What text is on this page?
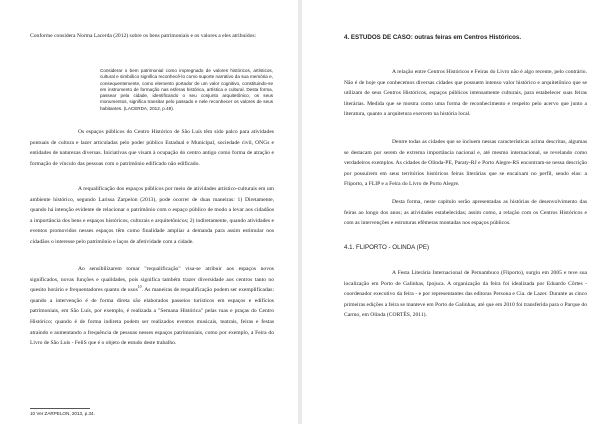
Conforme considera Norma Lacerda (2012) sobre os bens patrimoniais e os valores a eles atribuídos:

Considerar o bem patrimonial como impregnado de valores históricos, artísticos, cultural e simbólico significa reconhecê-lo como suporte narrativo da sua memória e, consequentemente, como elemento portador de um valor cognitivo, constituindo-se em instrumento de formação nas esferas histórica, artística e cultural. Desta forma, passear pela cidade, identificando o seu conjunto arquitetônico, os seus monumentos, significa transitar pelo passado e nele reconhecer os valores de seus habitantes. (LACERDA, 2012, p.49).

Os espaços públicos do Centro Histórico de São Luís têm sido palco para atividades pontuais de cultura e lazer articuladas pelo poder público Estadual e Municipal, sociedade civil, ONGs e entidades de naturezas diversas. Iniciativas que visam à ocupação do centro antigo como forma de atração e formação de vínculo das pessoas com o patrimônio edificado não edificado.

A requalificação dos espaços públicos por meio de atividades artístico-culturais em um ambiente histórico, segundo Larissa Zarpelon (2013), pode ocorrer de duas maneiras: 1) Diretamente, quando há intenção evidente de relacionar o patrimônio com o espaço público de modo a levar aos cidadãos a importância dos bens e espaços históricos, culturais e arquitetônicos; 2) indiretamente, quando atividades e eventos promovidos nesses espaços têm como finalidade ampliar a demanda para assim estimular nos cidadãos o interesse pelo patrimônio e laços de afetividade com a cidade.

Ao sensibilizarem tornar "requalificação" visa-se atribuir aos espaços novos significados, novas funções e qualidades, pois significa também trazer diversidade aos centros tanto no quesito horário e frequentadores quanto de usos$^{10}$. As maneiras de requalificação podem ser exemplificadas: quando a intervenção é de forma direta são elaborados passeios turísticos em espaços e edifícios patrimoniais, em São Luís, por exemplo, é realizada a "Semana Histórica" pelas ruas e praças do Centro Histórico; quando é de forma indireta podem ser realizados eventos musicais, teatrais, feiras e festas atraindo e aumentando a frequência de pessoas nesses espaços patrimoniais, como por exemplo, a Feira do Livro de São Luís - FeliS que é o objeto de estudo deste trabalho.

10 Ver ZARPELON, 2013, p.34.

4. ESTUDOS DE CASO: outras feiras em Centros Históricos.

A relação entre Centros Históricos e Feiras do Livro não é algo recente, pelo contrário. Não é de hoje que conhecemos diversas cidades que possuem intenso valor histórico e arquitetônico que se utilizam de seus Centros Históricos, espaços públicos intensamente culturais, para estabelecer suas feiras literárias. Medida que se mostra como uma forma de reconhecimento e respeito pelo acervo que junto a literatura, quanto a arquitetura exercem na história local.

Dentre todas as cidades que se incluem nessas características acima descritas, algumas se destacam por serem de extrema importância nacional e, até mesmo internacional, se revelando como verdadeiros exemplos. As cidades de Olinda-PE, Paraty-RJ e Porto Alegre-RS encontram-se nessa descrição por possuírem em seus territórios históricos feiras literárias que se encaixam no perfil, sendo elas: a Fliporto, a FLIP e a Feira do Livro de Porto Alegre.

Desta forma, neste capítulo serão apresentadas as histórias de desenvolvimento das feiras ao longo dos anos; as atividades estabelecidas; assim como, a relação com os Centros Históricos e com as intervenções e estruturas efêmeras montadas nos espaços públicos.

4.1. FLIPORTO - OLINDA (PE)

A Festa Literária Internacional de Pernambuco (Fliporto), surgiu em 2005 e teve sua localização em Porto de Galinhas, Ipojuca. A organização da feira foi idealizada por Eduardo Côrtes - coordenador executivo da feira - e por representantes das editoras Persona e Cia. de Lazer. Durante as cinco primeiras edições a feira se manteve em Porto de Galinhas, até que em 2010 foi transferida para o Parque do Carmo, em Olinda (CORTÊS, 2011).
